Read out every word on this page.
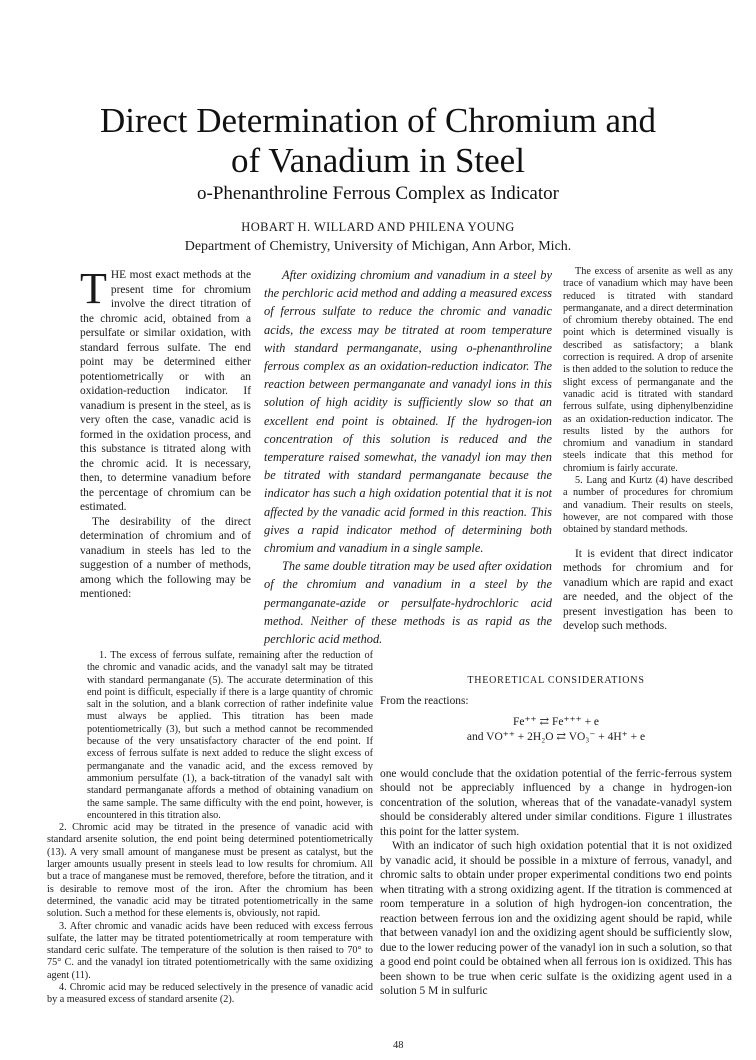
Direct Determination of Chromium and
of Vanadium in Steel
o-Phenanthroline Ferrous Complex as Indicator
HOBART H. WILLARD AND PHILENA YOUNG
Department of Chemistry, University of Michigan, Ann Arbor, Mich.
T HE most exact methods at the present time for chromium involve the direct titration of the chromic acid, obtained from a persulfate or similar oxidation, with standard ferrous sulfate. The end point may be determined either potentiometrically or with an oxidation-reduction indicator. If vanadium is present in the steel, as is very often the case, vanadic acid is formed in the oxidation process, and this substance is titrated along with the chromic acid. It is necessary, then, to determine vanadium before the percentage of chromium can be estimated.

The desirability of the direct determination of chromium and of vanadium in steels has led to the suggestion of a number of methods, among which the following may be mentioned:

After oxidizing chromium and vanadium in a steel by the perchloric acid method and adding a measured excess of ferrous sulfate to reduce the chromic and vanadic acids, the excess may be titrated at room temperature with standard permanganate, using o-phenanthroline ferrous complex as an oxidation-reduction indicator. The reaction between permanganate and vanadyl ions in this solution of high acidity is sufficiently slow so that an excellent end point is obtained. If the hydrogen-ion concentration of this solution is reduced and the temperature raised somewhat, the vanadyl ion may then be titrated with standard permanganate because the indicator has such a high oxidation potential that it is not affected by the vanadic acid formed in this reaction. This gives a rapid indicator method of determining both chromium and vanadium in a single sample.

The same double titration may be used after oxidation of the chromium and vanadium in a steel by the permanganate-azide or persulfate-hydrochloric acid method. Neither of these methods is as rapid as the perchloric acid method.

The excess of arsenite as well as any trace of vanadium which may have been reduced is titrated with standard permanganate, and a direct determination of chromium thereby obtained. The end point which is determined visually is described as satisfactory; a blank correction is required. A drop of arsenite is then added to the solution to reduce the slight excess of permanganate and the vanadic acid is titrated with standard ferrous sulfate, using diphenylbenzidine as an oxidation-reduction indicator. The results listed by the authors for chromium and vanadium in standard steels indicate that this method for chromium is fairly accurate.

5. Lang and Kurtz (4) have described a number of procedures for chromium and vanadium. Their results on steels, however, are not compared with those obtained by standard methods.

It is evident that direct indicator methods for chromium and for vanadium which are rapid and exact are needed, and the object of the present investigation has been to develop such methods.

1. The excess of ferrous sulfate, remaining after the reduction of the chromic and vanadic acids, and the vanadyl salt may be titrated with standard permanganate (5). The accurate determination of this end point is difficult, especially if there is a large quantity of chromic salt in the solution, and a blank correction of rather indefinite value must always be applied. This titration has been made potentiometrically (3), but such a method cannot be recommended because of the very unsatisfactory character of the end point. If excess of ferrous sulfate is next added to reduce the slight excess of permanganate and the vanadic acid, and the excess removed by ammonium persulfate (1), a back-titration of the vanadyl salt with standard permanganate affords a method of obtaining vanadium on the same sample. The same difficulty with the end point, however, is encountered in this titration also.

2. Chromic acid may be titrated in the presence of vanadic acid with standard arsenite solution, the end point being determined potentiometrically (13). A very small amount of manganese must be present as catalyst, but the larger amounts usually present in steels lead to low results for chromium. All but a trace of manganese must be removed, therefore, before the titration, and it is desirable to remove most of the iron. After the chromium has been determined, the vanadic acid may be titrated potentiometrically in the same solution. Such a method for these elements is, obviously, not rapid.

3. After chromic and vanadic acids have been reduced with excess ferrous sulfate, the latter may be titrated potentiometrically at room temperature with standard ceric sulfate. The temperature of the solution is then raised to 70° to 75° C. and the vanadyl ion titrated potentiometrically with the same oxidizing agent (11).

4. Chromic acid may be reduced selectively in the presence of vanadic acid by a measured excess of standard arsenite (2).

THEORETICAL CONSIDERATIONS
From the reactions:
Fe⁺⁺ ⇄ Fe⁺⁺⁺ + e
and VO⁺⁺ + 2H₂O ⇄ VO₃⁻ + 4H⁺ + e

one would conclude that the oxidation potential of the ferric-ferrous system should not be appreciably influenced by a change in hydrogen-ion concentration of the solution, whereas that of the vanadate-vanadyl system should be considerably altered under similar conditions. Figure 1 illustrates this point for the latter system.

With an indicator of such high oxidation potential that it is not oxidized by vanadic acid, it should be possible in a mixture of ferrous, vanadyl, and chromic salts to obtain under proper experimental conditions two end points when titrating with a strong oxidizing agent. If the titration is commenced at room temperature in a solution of high hydrogen-ion concentration, the reaction between ferrous ion and the oxidizing agent should be rapid, while that between vanadyl ion and the oxidizing agent should be sufficiently slow, due to the lower reducing power of the vanadyl ion in such a solution, so that a good end point could be obtained when all ferrous ion is oxidized. This has been shown to be true when ceric sulfate is the oxidizing agent used in a solution 5 M in sulfuric

48
